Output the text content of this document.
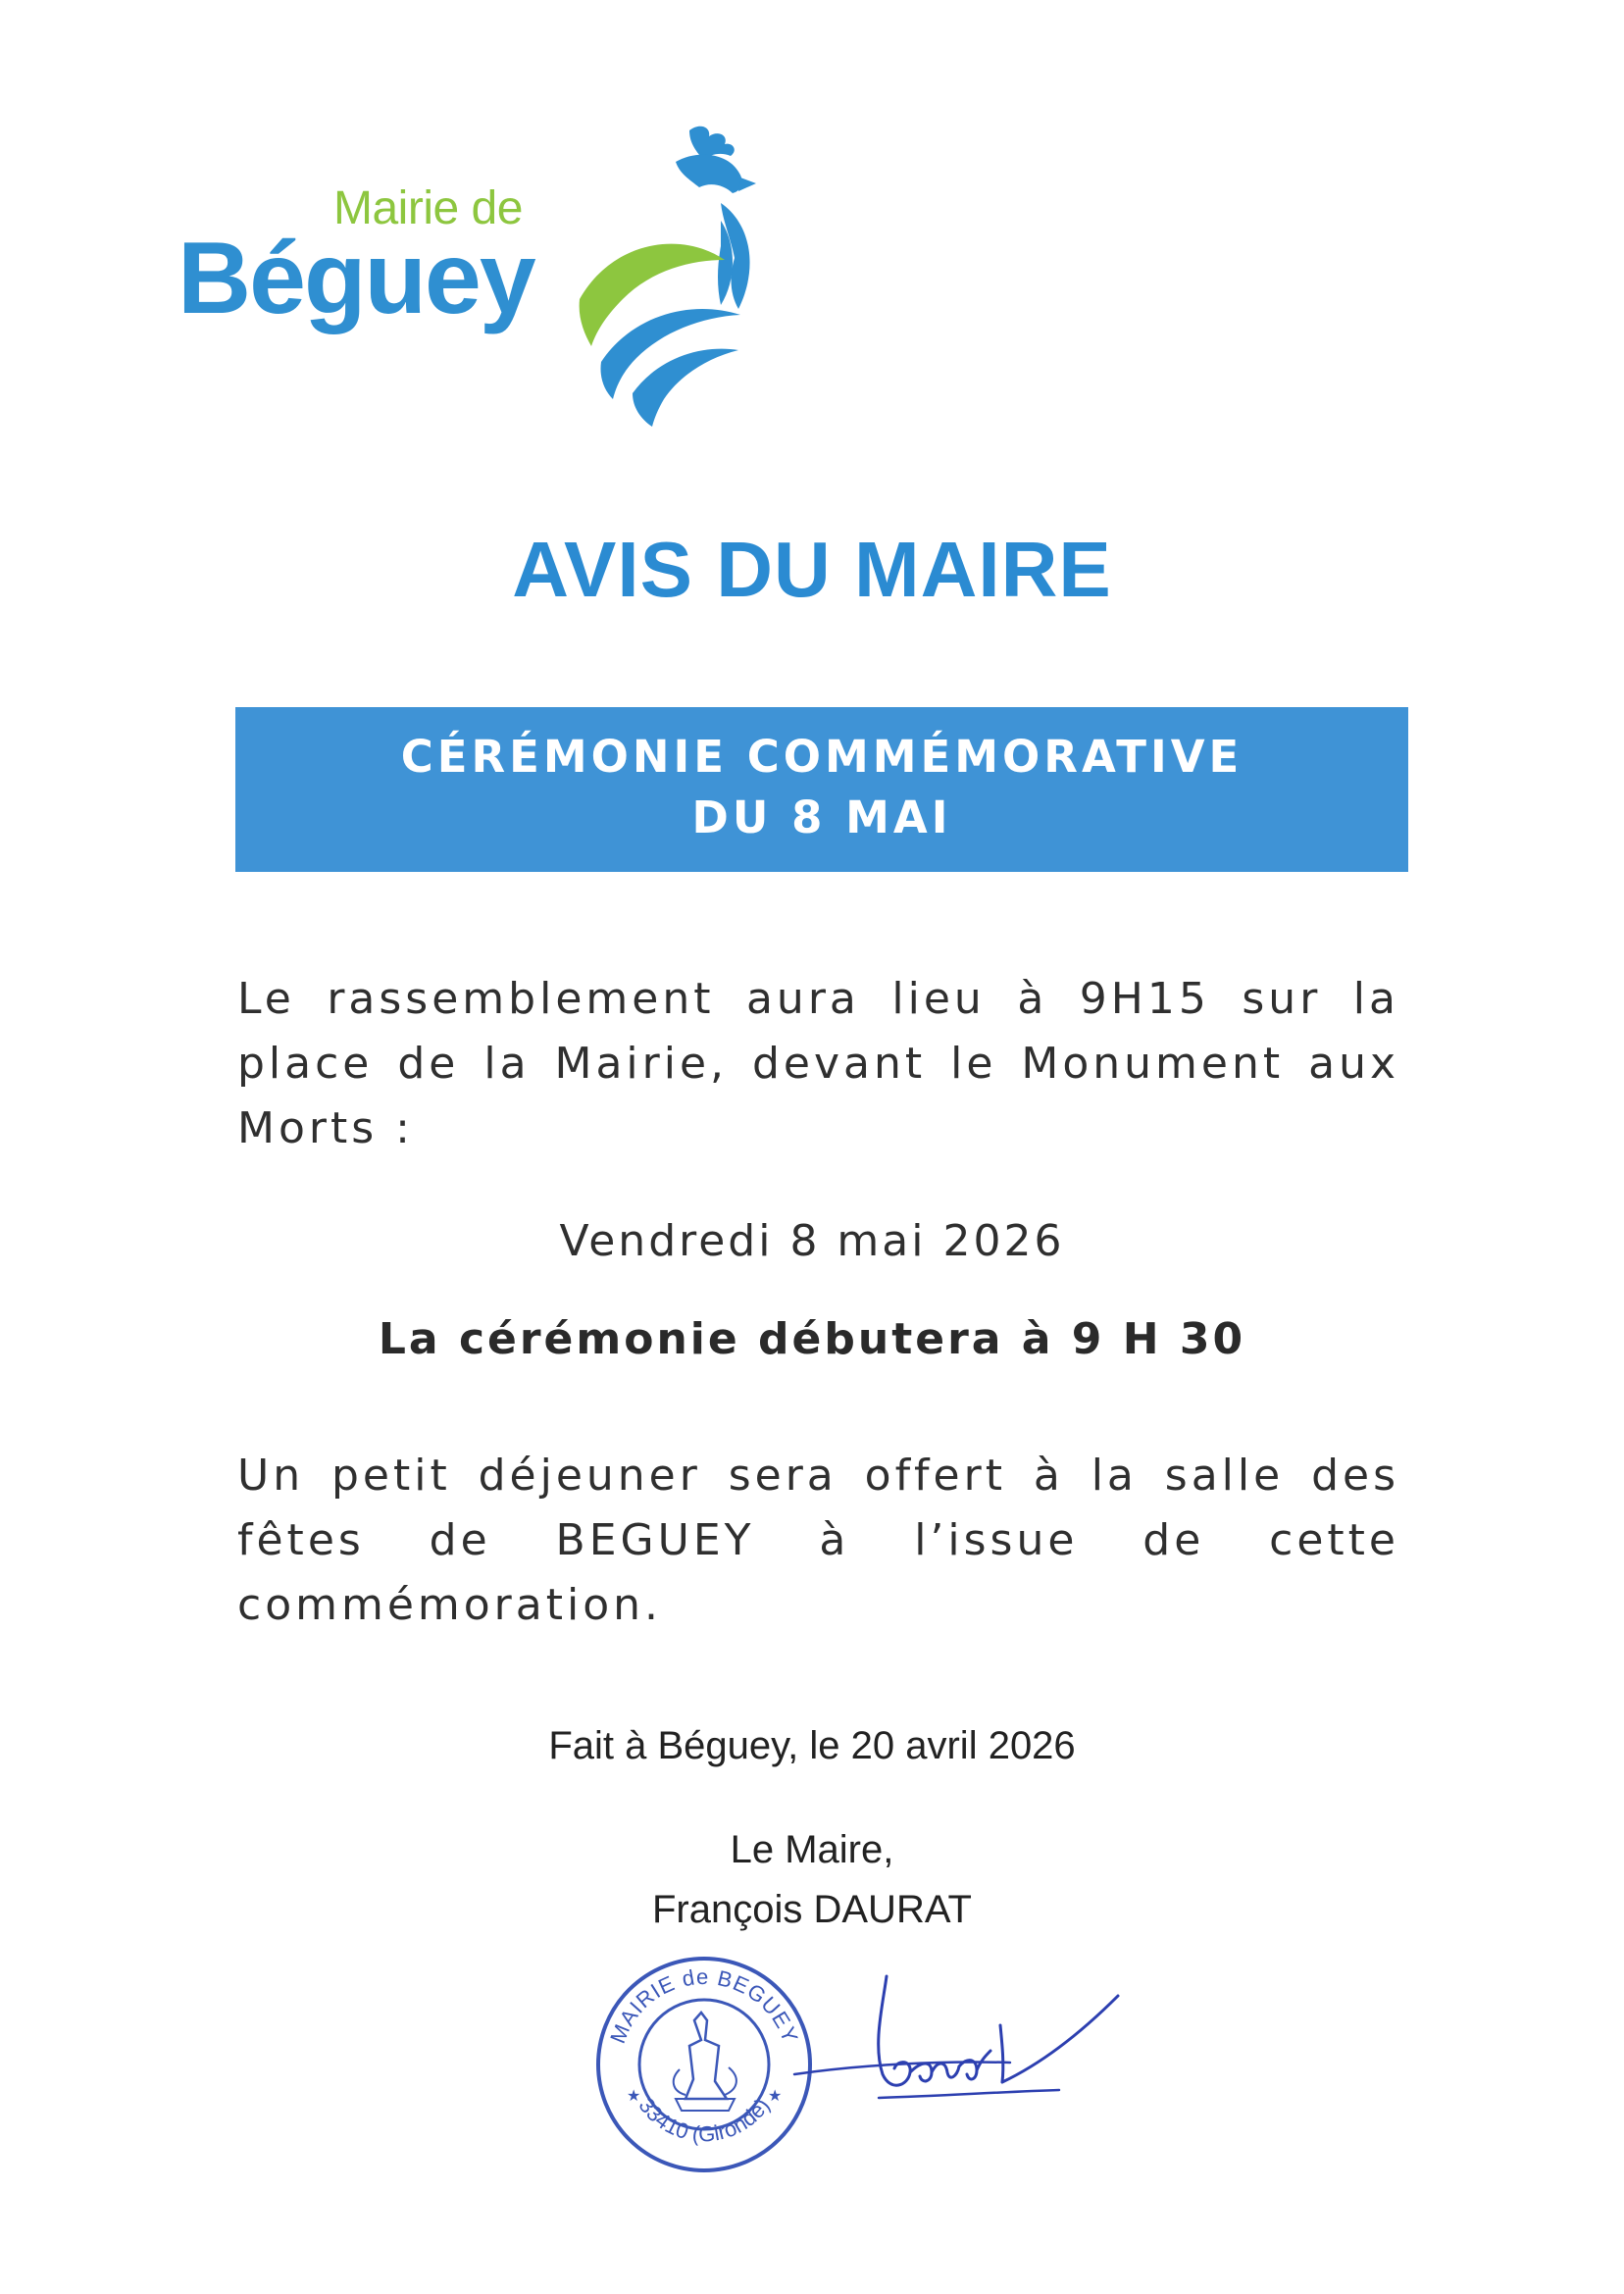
Mairie de
Béguey
AVIS DU MAIRE
CÉRÉMONIE COMMÉMORATIVE
DU 8 MAI
Le rassemblement aura lieu à 9H15 sur la place de la Mairie, devant le Monument aux Morts :
Vendredi 8 mai 2026
La cérémonie débutera à 9 H 30
Un petit déjeuner sera offert à la salle des fêtes de BEGUEY à l’issue de cette commémoration.
Fait à Béguey, le 20 avril 2026
Le Maire,
François DAURAT
MAIRIE de BEGUEY
33410 (Gironde)
★	★
